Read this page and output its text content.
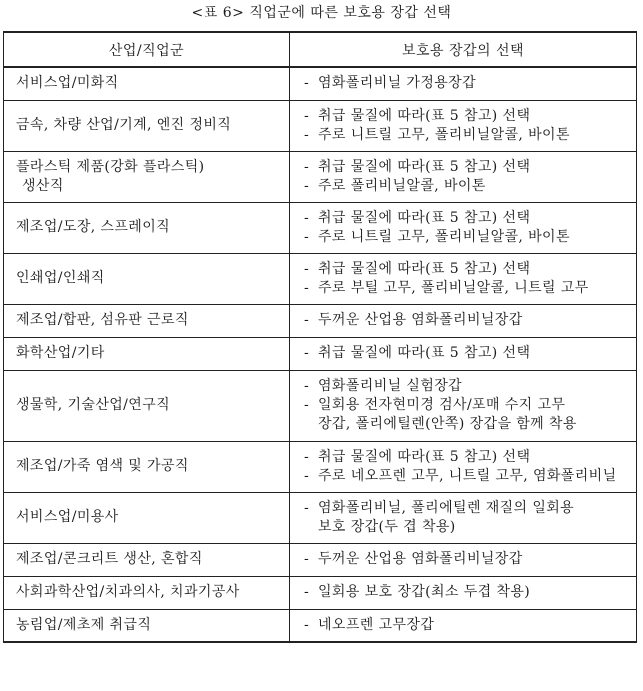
<표 6> 직업군에 따른 보호용 장갑 선택
산업/직업군	보호용 장갑의 선택

서비스업/미화직	-염화폴리비닐 가정용장갑

금속, 차량 산업/기계, 엔진 정비직	-취급 물질에 따라(표 5 참고) 선택
-주로 니트릴 고무, 폴리비닐알콜, 바이톤

플라스틱 제품(강화 플라스틱)
생산직	-취급 물질에 따라(표 5 참고) 선택
-주로 폴리비닐알콜, 바이톤

제조업/도장, 스프레이직	-취급 물질에 따라(표 5 참고) 선택
-주로 니트릴 고무, 폴리비닐알콜, 바이톤

인쇄업/인쇄직	-취급 물질에 따라(표 5 참고) 선택
-주로 부틸 고무, 폴리비닐알콜, 니트릴 고무

제조업/합판, 섬유판 근로직	-두꺼운 산업용 염화폴리비닐장갑

화학산업/기타	-취급 물질에 따라(표 5 참고) 선택

생물학, 기술산업/연구직	-염화폴리비닐 실험장갑
-일회용 전자현미경 검사/포매 수지 고무
장갑, 폴리에틸렌(안쪽) 장갑을 함께 착용

제조업/가죽 염색 및 가공직	-취급 물질에 따라(표 5 참고) 선택
-주로 네오프렌 고무, 니트릴 고무, 염화폴리비닐

서비스업/미용사	-염화폴리비닐, 폴리에틸렌 재질의 일회용
보호 장갑(두 겹 착용)

제조업/콘크리트 생산, 혼합직	-두꺼운 산업용 염화폴리비닐장갑

사회과학산업/치과의사, 치과기공사	-일회용 보호 장갑(최소 두겹 착용)

농림업/제초제 취급직	-네오프렌 고무장갑
